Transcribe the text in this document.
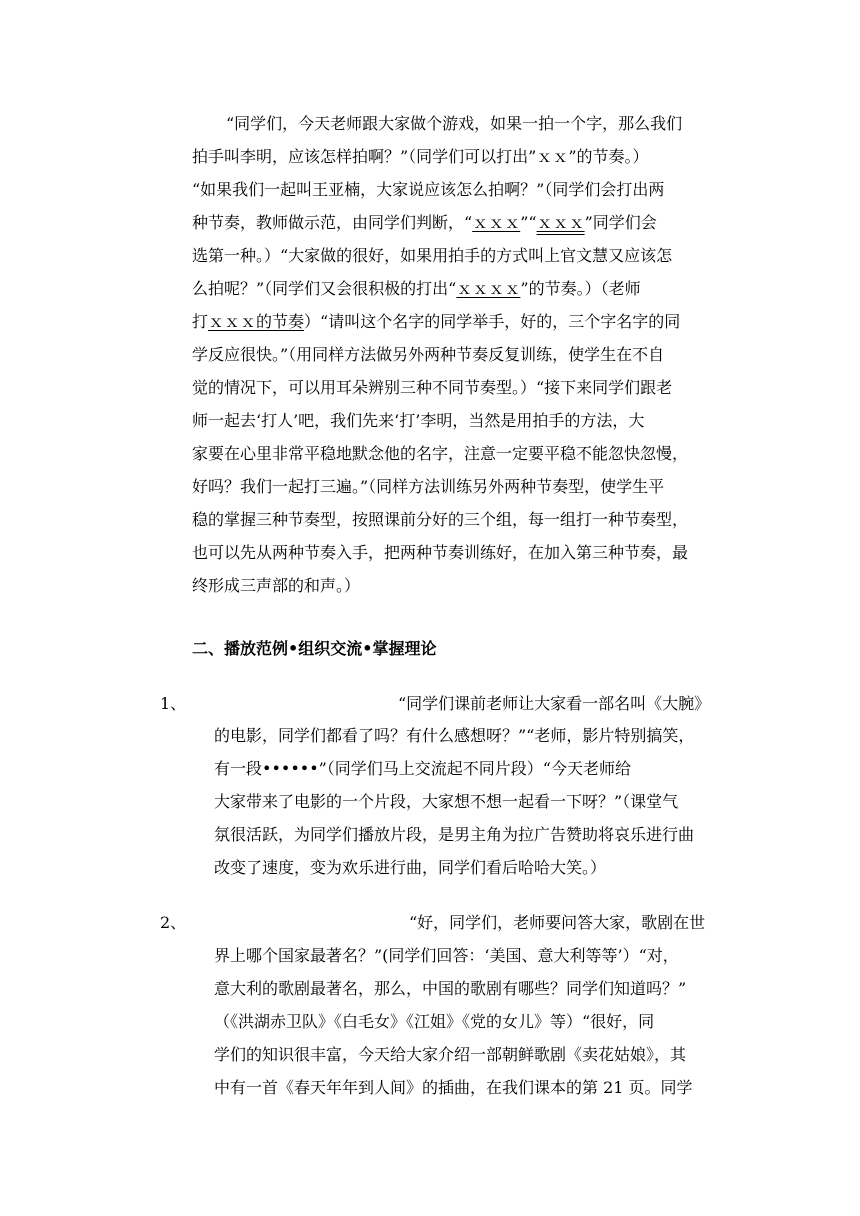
“同学们，今天老师跟大家做个游戏，如果一拍一个字，那么我们
拍手叫李明，应该怎样拍啊？”（同学们可以打出”ｘｘ”的节奏。）
“如果我们一起叫王亚楠，大家说应该怎么拍啊？”（同学们会打出两
种节奏，教师做示范，由同学们判断，“ｘｘｘ”“ｘｘｘ”同学们会
选第一种。）“大家做的很好，如果用拍手的方式叫上官文慧又应该怎
么拍呢？”（同学们又会很积极的打出“ｘｘｘｘ”的节奏。）（老师
打ｘｘｘ的节奏）“请叫这个名字的同学举手，好的，三个字名字的同
学反应很快。”（用同样方法做另外两种节奏反复训练，使学生在不自
觉的情况下，可以用耳朵辨别三种不同节奏型。）“接下来同学们跟老
师一起去‘打人’吧，我们先来‘打’李明，当然是用拍手的方法，大
家要在心里非常平稳地默念他的名字，注意一定要平稳不能忽快忽慢，
好吗？我们一起打三遍。”（同样方法训练另外两种节奏型，使学生平
稳的掌握三种节奏型，按照课前分好的三个组，每一组打一种节奏型，
也可以先从两种节奏入手，把两种节奏训练好，在加入第三种节奏，最
终形成三声部的和声。）
二、播放范例•组织交流•掌握理论
1、	“同学们课前老师让大家看一部名叫《大腕》
的电影，同学们都看了吗？有什么感想呀？”“老师，影片特别搞笑，
有一段••••••”（同学们马上交流起不同片段）“今天老师给
大家带来了电影的一个片段，大家想不想一起看一下呀？”（课堂气
氛很活跃，为同学们播放片段，是男主角为拉广告赞助将哀乐进行曲
改变了速度，变为欢乐进行曲，同学们看后哈哈大笑。）
2、	“好，同学们，老师要问答大家，歌剧在世
界上哪个国家最著名？”(同学们回答：‘美国、意大利等等’）“对，
意大利的歌剧最著名，那么，中国的歌剧有哪些？同学们知道吗？”
（《洪湖赤卫队》《白毛女》《江姐》《党的女儿》等）“很好，同
学们的知识很丰富，今天给大家介绍一部朝鲜歌剧《卖花姑娘》，其
中有一首《春天年年到人间》的插曲，在我们课本的第 21 页。同学
